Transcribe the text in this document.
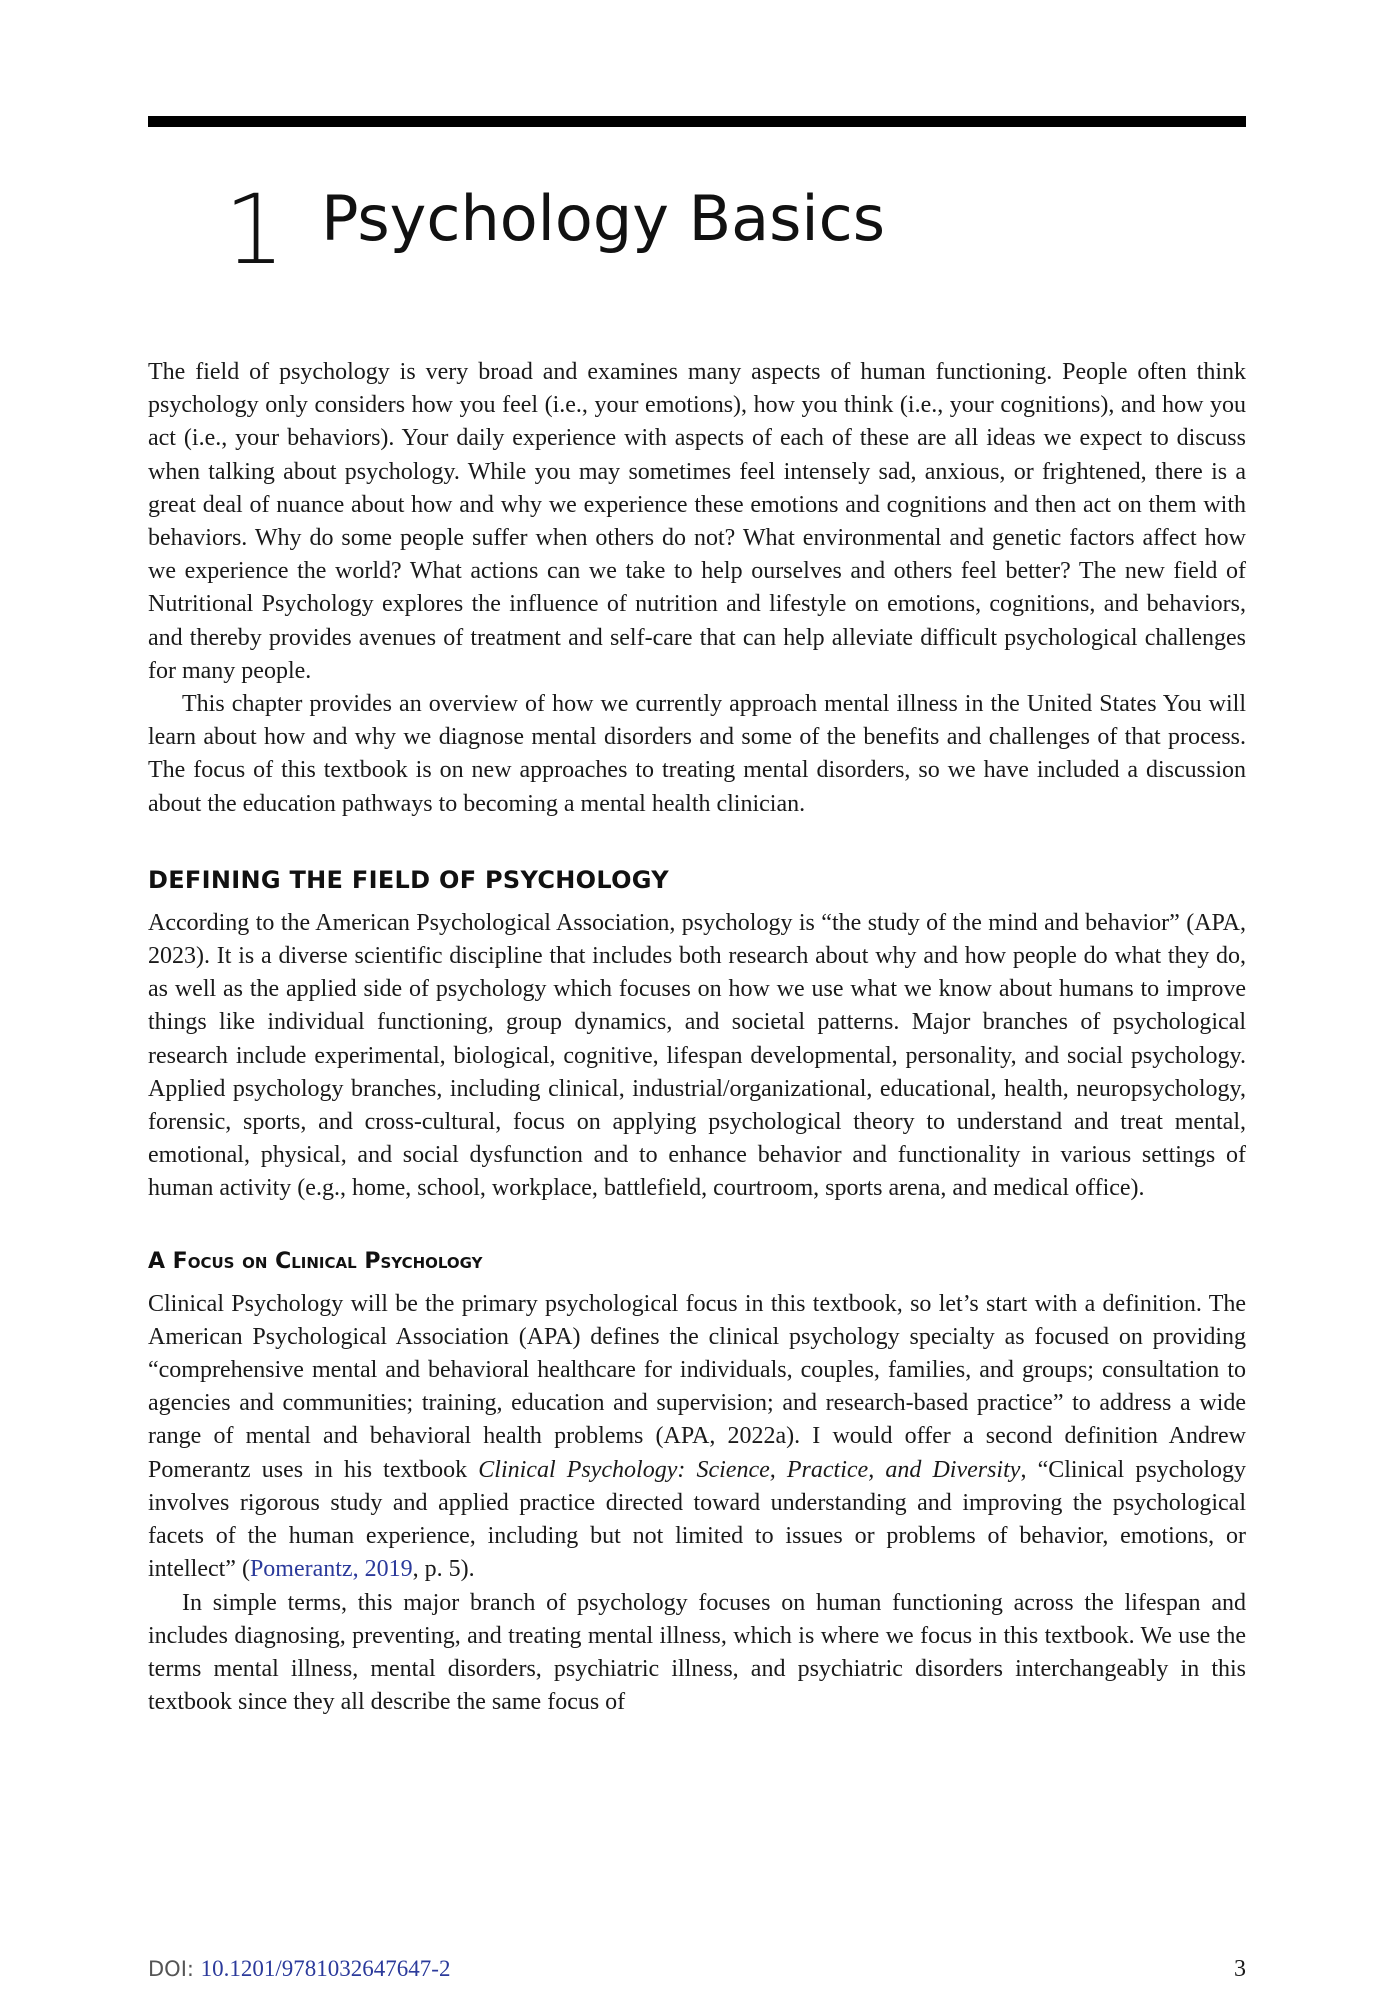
1 Psychology Basics

The field of psychology is very broad and examines many aspects of human functioning. People often think psychology only considers how you feel (i.e., your emotions), how you think (i.e., your cognitions), and how you act (i.e., your behaviors). Your daily experience with aspects of each of these are all ideas we expect to discuss when talking about psychology. While you may sometimes feel intensely sad, anxious, or frightened, there is a great deal of nuance about how and why we experience these emotions and cognitions and then act on them with behaviors. Why do some people suffer when others do not? What environmental and genetic factors affect how we experience the world? What actions can we take to help ourselves and others feel better? The new field of Nutritional Psychology explores the influence of nutrition and lifestyle on emotions, cognitions, and behaviors, and thereby provides avenues of treatment and self-care that can help alleviate difficult psychological challenges for many people.

This chapter provides an overview of how we currently approach mental illness in the United States You will learn about how and why we diagnose mental disorders and some of the benefits and challenges of that process. The focus of this textbook is on new approaches to treating mental disorders, so we have included a discussion about the education pathways to becoming a mental health clinician.

DEFINING THE FIELD OF PSYCHOLOGY

According to the American Psychological Association, psychology is “the study of the mind and behavior” (APA, 2023). It is a diverse scientific discipline that includes both research about why and how people do what they do, as well as the applied side of psychology which focuses on how we use what we know about humans to improve things like individual functioning, group dynamics, and societal patterns. Major branches of psychological research include experimental, biological, cognitive, lifespan developmental, personality, and social psychology. Applied psychology branches, including clinical, industrial/organizational, educational, health, neuropsychology, forensic, sports, and cross-cultural, focus on applying psychological theory to understand and treat mental, emotional, physical, and social dysfunction and to enhance behavior and functionality in various settings of human activity (e.g., home, school, workplace, battlefield, courtroom, sports arena, and medical office).

A Focus on Clinical Psychology

Clinical Psychology will be the primary psychological focus in this textbook, so let’s start with a definition. The American Psychological Association (APA) defines the clinical psychology specialty as focused on providing “comprehensive mental and behavioral healthcare for individuals, couples, families, and groups; consultation to agencies and communities; training, education and supervision; and research-based practice” to address a wide range of mental and behavioral health problems (APA, 2022a). I would offer a second definition Andrew Pomerantz uses in his textbook Clinical Psychology: Science, Practice, and Diversity, “Clinical psychology involves rigorous study and applied practice directed toward understanding and improving the psychological facets of the human experience, including but not limited to issues or problems of behavior, emotions, or intellect” (Pomerantz, 2019, p. 5).

In simple terms, this major branch of psychology focuses on human functioning across the lifespan and includes diagnosing, preventing, and treating mental illness, which is where we focus in this textbook. We use the terms mental illness, mental disorders, psychiatric illness, and psychiatric disorders interchangeably in this textbook since they all describe the same focus of

DOI: 10.1201/9781032647647-2	3
